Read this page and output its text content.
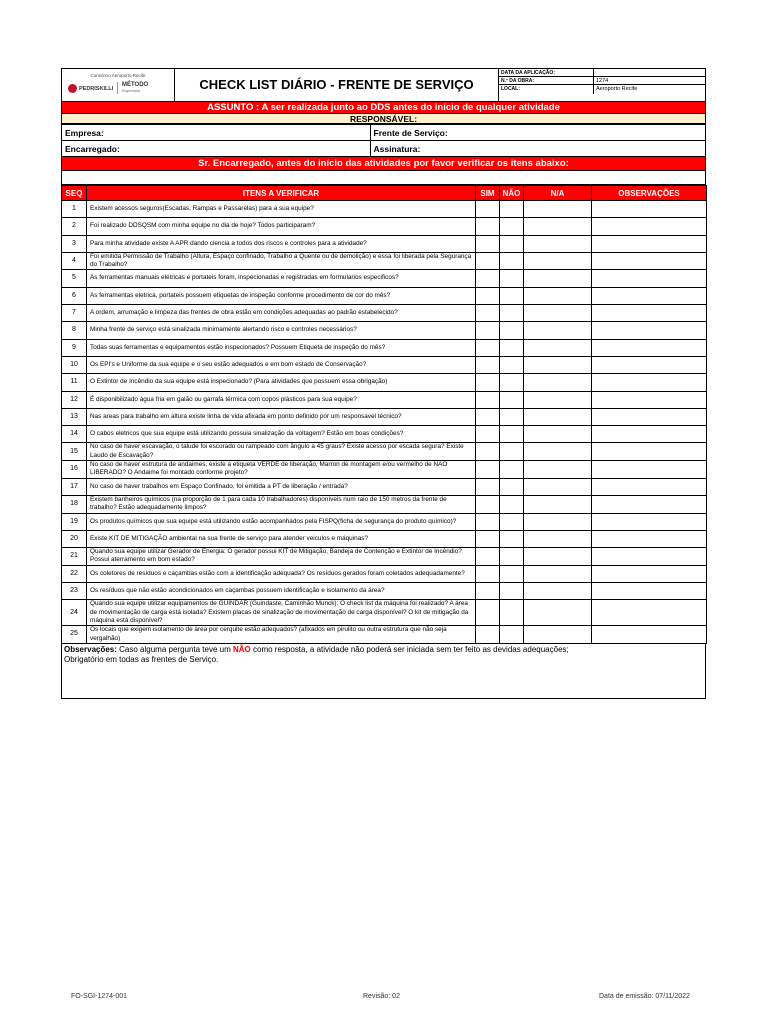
Consórcio Aeroporto Recife
PEDRISKILLI
MÉTODO
Engenharia	CHECK LIST DIÁRIO - FRENTE DE SERVIÇO
DATA DA APLICAÇÃO:
N.º DA OBRA:	1274
LOCAL:	Aeroporto Recife
ASSUNTO : A ser realizada junto ao DDS antes do início de qualquer atividade
RESPONSÁVEL:
Empresa:	Frente de Serviço:
Encarregado:	Assinatura:
Sr. Encarregado, antes do início das atividades por favor verificar os itens abaixo:
SEQ	ITENS A VERIFICAR	SIM	NÃO	N/A	OBSERVAÇÕES
1	Existem acessos seguros(Escadas, Rampas e Passarelas) para a sua equipe?				
2	Foi realizado DDSQSM com minha equipe no dia de hoje? Todos participaram?				
3	Para minha atividade existe A APR dando ciencia a todos dos riscos e controles para a atividade?				
4	Foi emitida Permissão de Trabalho (Altura, Espaço confinado, Trabalho a Quente ou de demolição) e essa foi liberada pela Segurança do Trabalho?				
5	As ferramentas manuais elétricas e portateis foram, inspecionadas e registradas em formularios especificos?				
6	As ferramentas eletrica, portateis possuem etiquetas de inspeção conforme procedimento de cor do mês?				
7	A ordem, arrumação e limpeza das frentes de obra estão em condições adequadas ao padrão estabelecido?				
8	Minha frente de serviço está sinalizada minimamente alertando risco e controles necessários?				
9	Todas suas ferramentas e equipamentos estão inspecionados? Possuem Etiqueta de inspeção do mês?				
10	Os EPI's e Uniforme da sua equipe e o seu estão adequados e em bom estado de Conservação?				
11	O Extintor de Incêndio da sua equipe está inspecionado? (Para atividades que possuem essa obrigação)				
12	É disponibilizado água fria em galão ou garrafa térmica com copos plásticos para sua equipe?				
13	Nas areas para trabalho em altura existe linha de vida afixada em ponto definido por um responsavel técnico?				
14	O cabos eletricos que sua equipe está utilizando possuia sinalização da voltagem? Estão em boas condições?				
15	No caso de haver escavação, o talude foi escorado ou rampeado com ângulo a 45 graus? Existe acesso por escada segura? Existe Laudo de Escavação?				
16	No caso de haver estrutura de andaimes, existe a etiqueta VERDE de liberação, Marron de montagem e/ou vermelho de NÃO LIBERADO? O Andaime foi montado conforme projeto?				
17	No caso de haver trabalhos em Espaço Confinado, foi emitida a PT de liberação / entrada?				
18	Existem banheiros químicos (na proporção de 1 para cada 10 trabalhadores) disponíveis num raio de 150 metros da frente de trabalho? Estão adequadamente limpos?				
19	Os produtos químicos que sua equipe está utilizando estão acompanhados pela FISPQ(ficha de segurança do produto químico)?				
20	Existe KIT DE MITIGAÇÃO ambiental na sua frente de serviço para atender veiculos e máquinas?				
21	Quando sua equipe utilizar Gerador de Energia: O gerador possui KIT de Mitigação, Bandeja de Contenção e Extintor de Incêndio? Possui aterramento em bom estado?				
22	Os coletores de resíduos e caçambas estão com a identificação adequada? Os resíduos gerados foram coletados adequadamente?				
23	Os resíduos que não estão acondicionados em caçambas possuem identificação e isolamento da área?				
24	Quando sua equipe utilizar equipamentos de GUINDAR (Guindaste, Caminhão Munck): O check list da máquina foi realizado? A área de movimentação de carga está isolada? Existem placas de sinalização de movimentação de carga disponível? O kit de mitigação da máquina está disponível?				
25	Os locais que exigem isolamento de área por cerquite estão adequados? (afixados em pirulito ou outra estrutura que não seja vergalhão)				
Observações: Caso alguma pergunta teve um NÃO como resposta, a atividade não poderá ser iniciada sem ter feito as devidas adequações;
Obrigatório em todas as frentes de Serviço.
FO-SGI-1274-001	Revisão: 02	Data de emissão: 07/11/2022
